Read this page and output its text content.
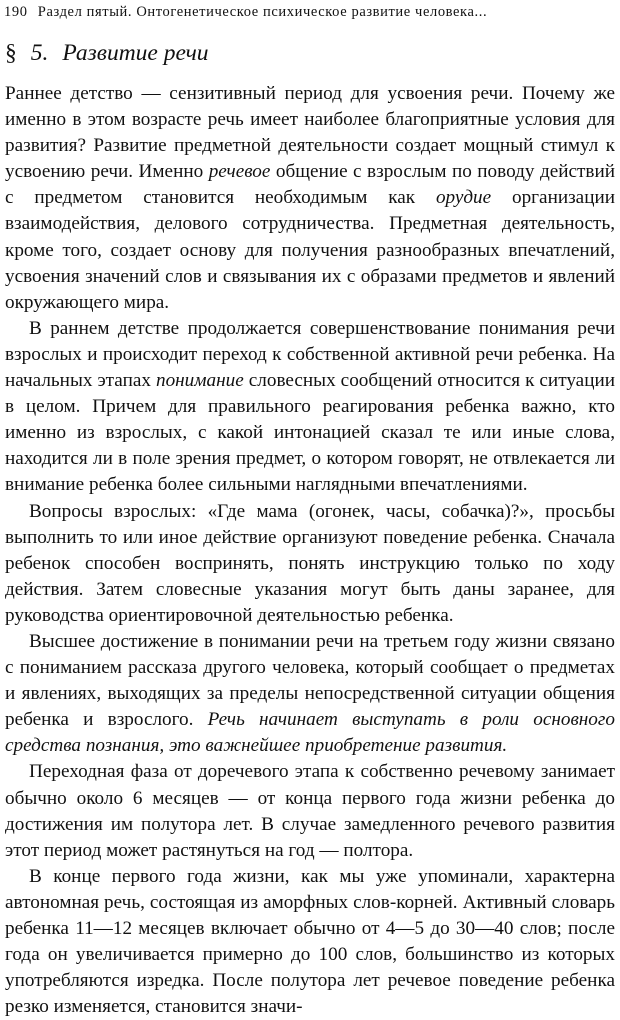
190 Раздел пятый. Онтогенетическое психическое развитие человека...
§ 5. Развитие речи

Раннее детство — сензитивный период для усвоения речи. Почему же именно в этом возрасте речь имеет наиболее благоприятные условия для развития? Развитие предметной деятельности создает мощный стимул к усвоению речи. Именно речевое общение с взрослым по поводу действий с предметом становится необходимым как орудие организации взаимодействия, делового сотрудничества. Предметная деятельность, кроме того, создает основу для получения разнообразных впечатлений, усвоения значений слов и связывания их с образами предметов и явлений окружающего мира.

В раннем детстве продолжается совершенствование понимания речи взрослых и происходит переход к собственной активной речи ребенка. На начальных этапах понимание словесных сообщений относится к ситуации в целом. Причем для правильного реагирования ребенка важно, кто именно из взрослых, с какой интонацией сказал те или иные слова, находится ли в поле зрения предмет, о котором говорят, не отвлекается ли внимание ребенка более сильными наглядными впечатлениями.

Вопросы взрослых: «Где мама (огонек, часы, собачка)?», просьбы выполнить то или иное действие организуют поведение ребенка. Сначала ребенок способен воспринять, понять инструкцию только по ходу действия. Затем словесные указания могут быть даны заранее, для руководства ориентировочной деятельностью ребенка.

Высшее достижение в понимании речи на третьем году жизни связано с пониманием рассказа другого человека, который сообщает о предметах и явлениях, выходящих за пределы непосредственной ситуации общения ребенка и взрослого. Речь начинает выступать в роли основного средства познания, это важнейшее приобретение развития.

Переходная фаза от доречевого этапа к собственно речевому занимает обычно около 6 месяцев — от конца первого года жизни ребенка до достижения им полутора лет. В случае замедленного речевого развития этот период может растянуться на год — полтора.

В конце первого года жизни, как мы уже упоминали, характерна автономная речь, состоящая из аморфных слов-корней. Активный словарь ребенка 11—12 месяцев включает обычно от 4—5 до 30—40 слов; после года он увеличивается примерно до 100 слов, большинство из которых употребляются изредка. После полутора лет речевое поведение ребенка резко изменяется, становится значи-
